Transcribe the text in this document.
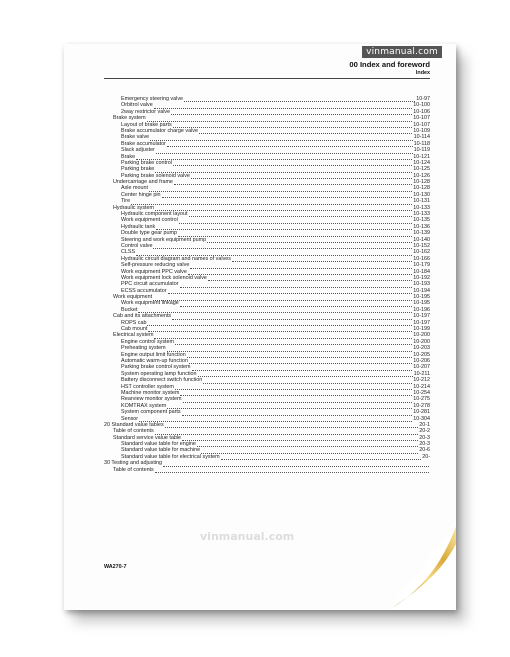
vinmanual.com
00 Index and foreword
Index
Emergency steering valve	10-97
Orbitrol valve	10-100
2way restrictor valve	10-106
Brake system	10-107
Layout of brake parts	10-107
Brake accumulator charge valve	10-109
Brake valve	10-114
Brake accumulator	10-118
Slack adjuster	10-119
Brake	10-121
Parking brake control	10-124
Parking brake	10-125
Parking brake solenoid valve	10-126
Undercarriage and frame	10-128
Axle mount	10-128
Center hinge pin	10-130
Tire	10-131
Hydraulic system	10-133
Hydraulic component layout	10-133
Work equipment control	10-135
Hydraulic tank	10-136
Double type gear pump	10-139
Steering and work equipment pump	10-140
Control valve	10-152
CLSS	10-162
Hydraulic circuit diagram and names of valves	10-166
Self-pressure reducing valve	10-179
Work equipment PPC valve	10-184
Work equipment lock solenoid valve	10-192
PPC circuit accumulator	10-193
ECSS accumulator	10-194
Work equipment	10-195
Work equipment linkage	10-195
Bucket	10-196
Cab and its attachments	10-197
ROPS cab	10-197
Cab mount	10-199
Electrical system	10-200
Engine control system	10-200
Preheating system	10-203
Engine output limit function	10-205
Automatic warm-up function	10-206
Parking brake control system	10-207
System operating lamp function	10-211
Battery disconnect switch function	10-212
HST controller system	10-214
Machine monitor system	10-254
Rearview monitor system	10-275
KOMTRAX system	10-278
System component parts	10-281
Sensor	10-304
20 Standard value tables	20-1
Table of contents	20-2
Standard service value table	20-3
Standard value table for engine	20-3
Standard value table for machine	20-6
Standard value table for electrical system	20-
30 Testing and adjusting
Table of contents
vinmanual.com
WA270-7
